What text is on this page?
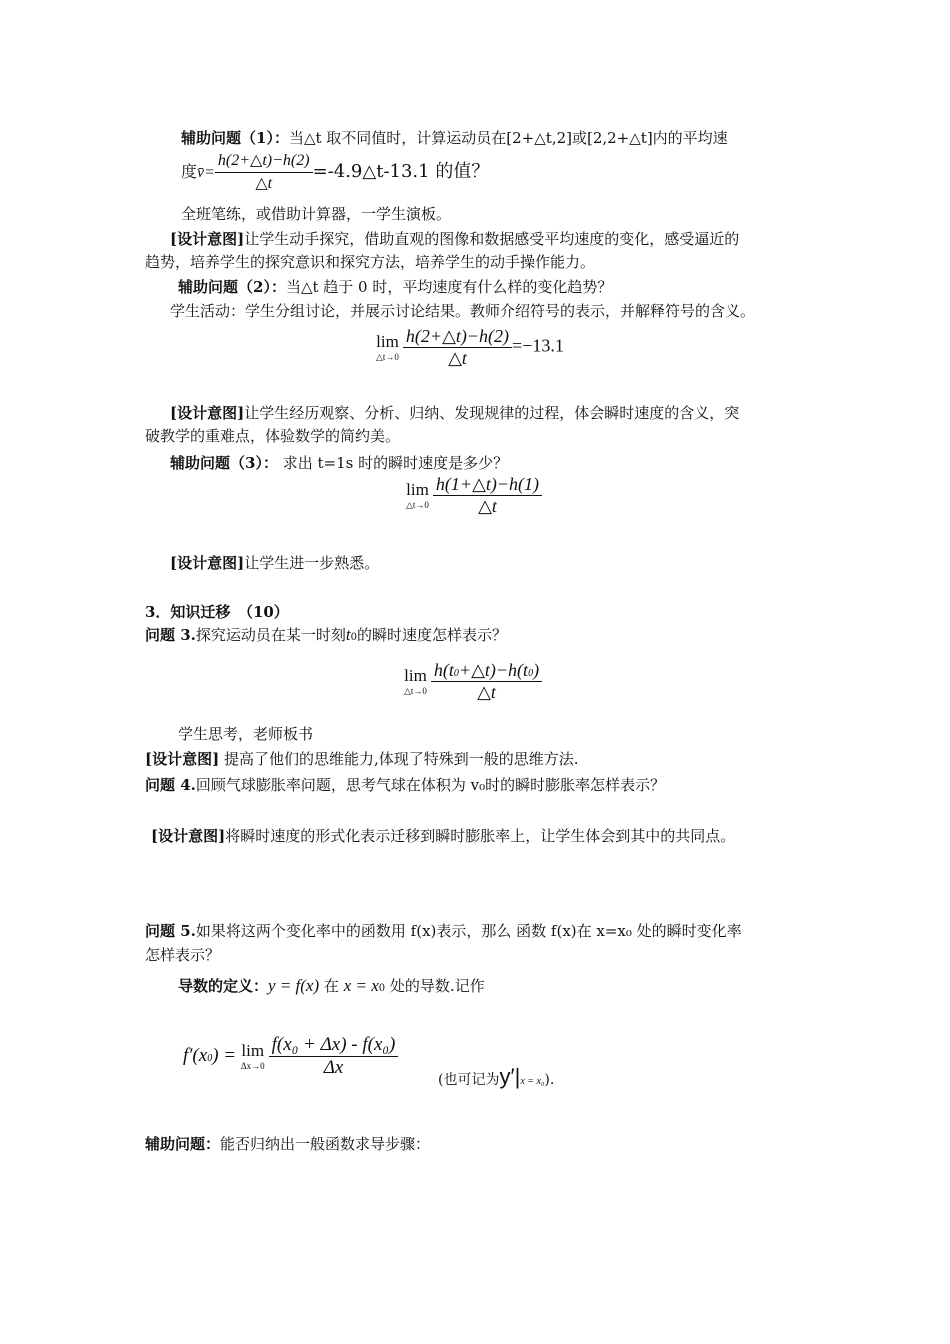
辅助问题（1）：当△t 取不同值时，计算运动员在[2+△t,2]或[2,2+△t]内的平均速
度v̄= $\frac{h(2+\triangle t)-h(2)}{\triangle t}$ =-4.9△t-13.1 的值？
全班笔练，或借助计算器，一学生演板。
[设计意图]让学生动手探究，借助直观的图像和数据感受平均速度的变化，感受逼近的
趋势，培养学生的探究意识和探究方法，培养学生的动手操作能力。
辅助问题（2）：当△t 趋于 0 时，平均速度有什么样的变化趋势？
学生活动：学生分组讨论，并展示讨论结果。教师介绍符号的表示，并解释符号的含义。
lim
△t→0 $\frac{h(2+\triangle t)-h(2)}{\triangle t} =-13.1$
[设计意图]让学生经历观察、分析、归纳、发现规律的过程，体会瞬时速度的含义，突
破教学的重难点，体验数学的简约美。
辅助问题（3）： 求出 t=1s 时的瞬时速度是多少？
lim
△t→0 $\frac{h(1+\triangle t)-h(1)}{\triangle t}$
[设计意图]让学生进一步熟悉。
3．知识迁移　（10）
问题 3.探究运动员在某一时刻t0的瞬时速度怎样表示？
lim
△t→0 $\frac{h(t0+\triangle t)-h(t0)}{\triangle t}$
学生思考，老师板书
[设计意图] 提高了他们的思维能力,体现了特殊到一般的思维方法.
问题 4.回顾气球膨胀率问题，思考气球在体积为 v₀时的瞬时膨胀率怎样表示？
[设计意图]将瞬时速度的形式化表示迁移到瞬时膨胀率上，让学生体会到其中的共同点。
问题 5.如果将这两个变化率中的函数用 f(x)表示，那么 函数 f(x)在 x=x₀ 处的瞬时变化率
怎样表示？
导数的定义：y = f(x) 在 x = x0 处的导数.记作
f′(x0) = lim
$\Delta x\to 0 \frac{\text{f(x₀ + Δx) - f(x₀)}}{\Delta x}$
(也可记为y′|x = x₀).
辅助问题：能否归纳出一般函数求导步骤：
